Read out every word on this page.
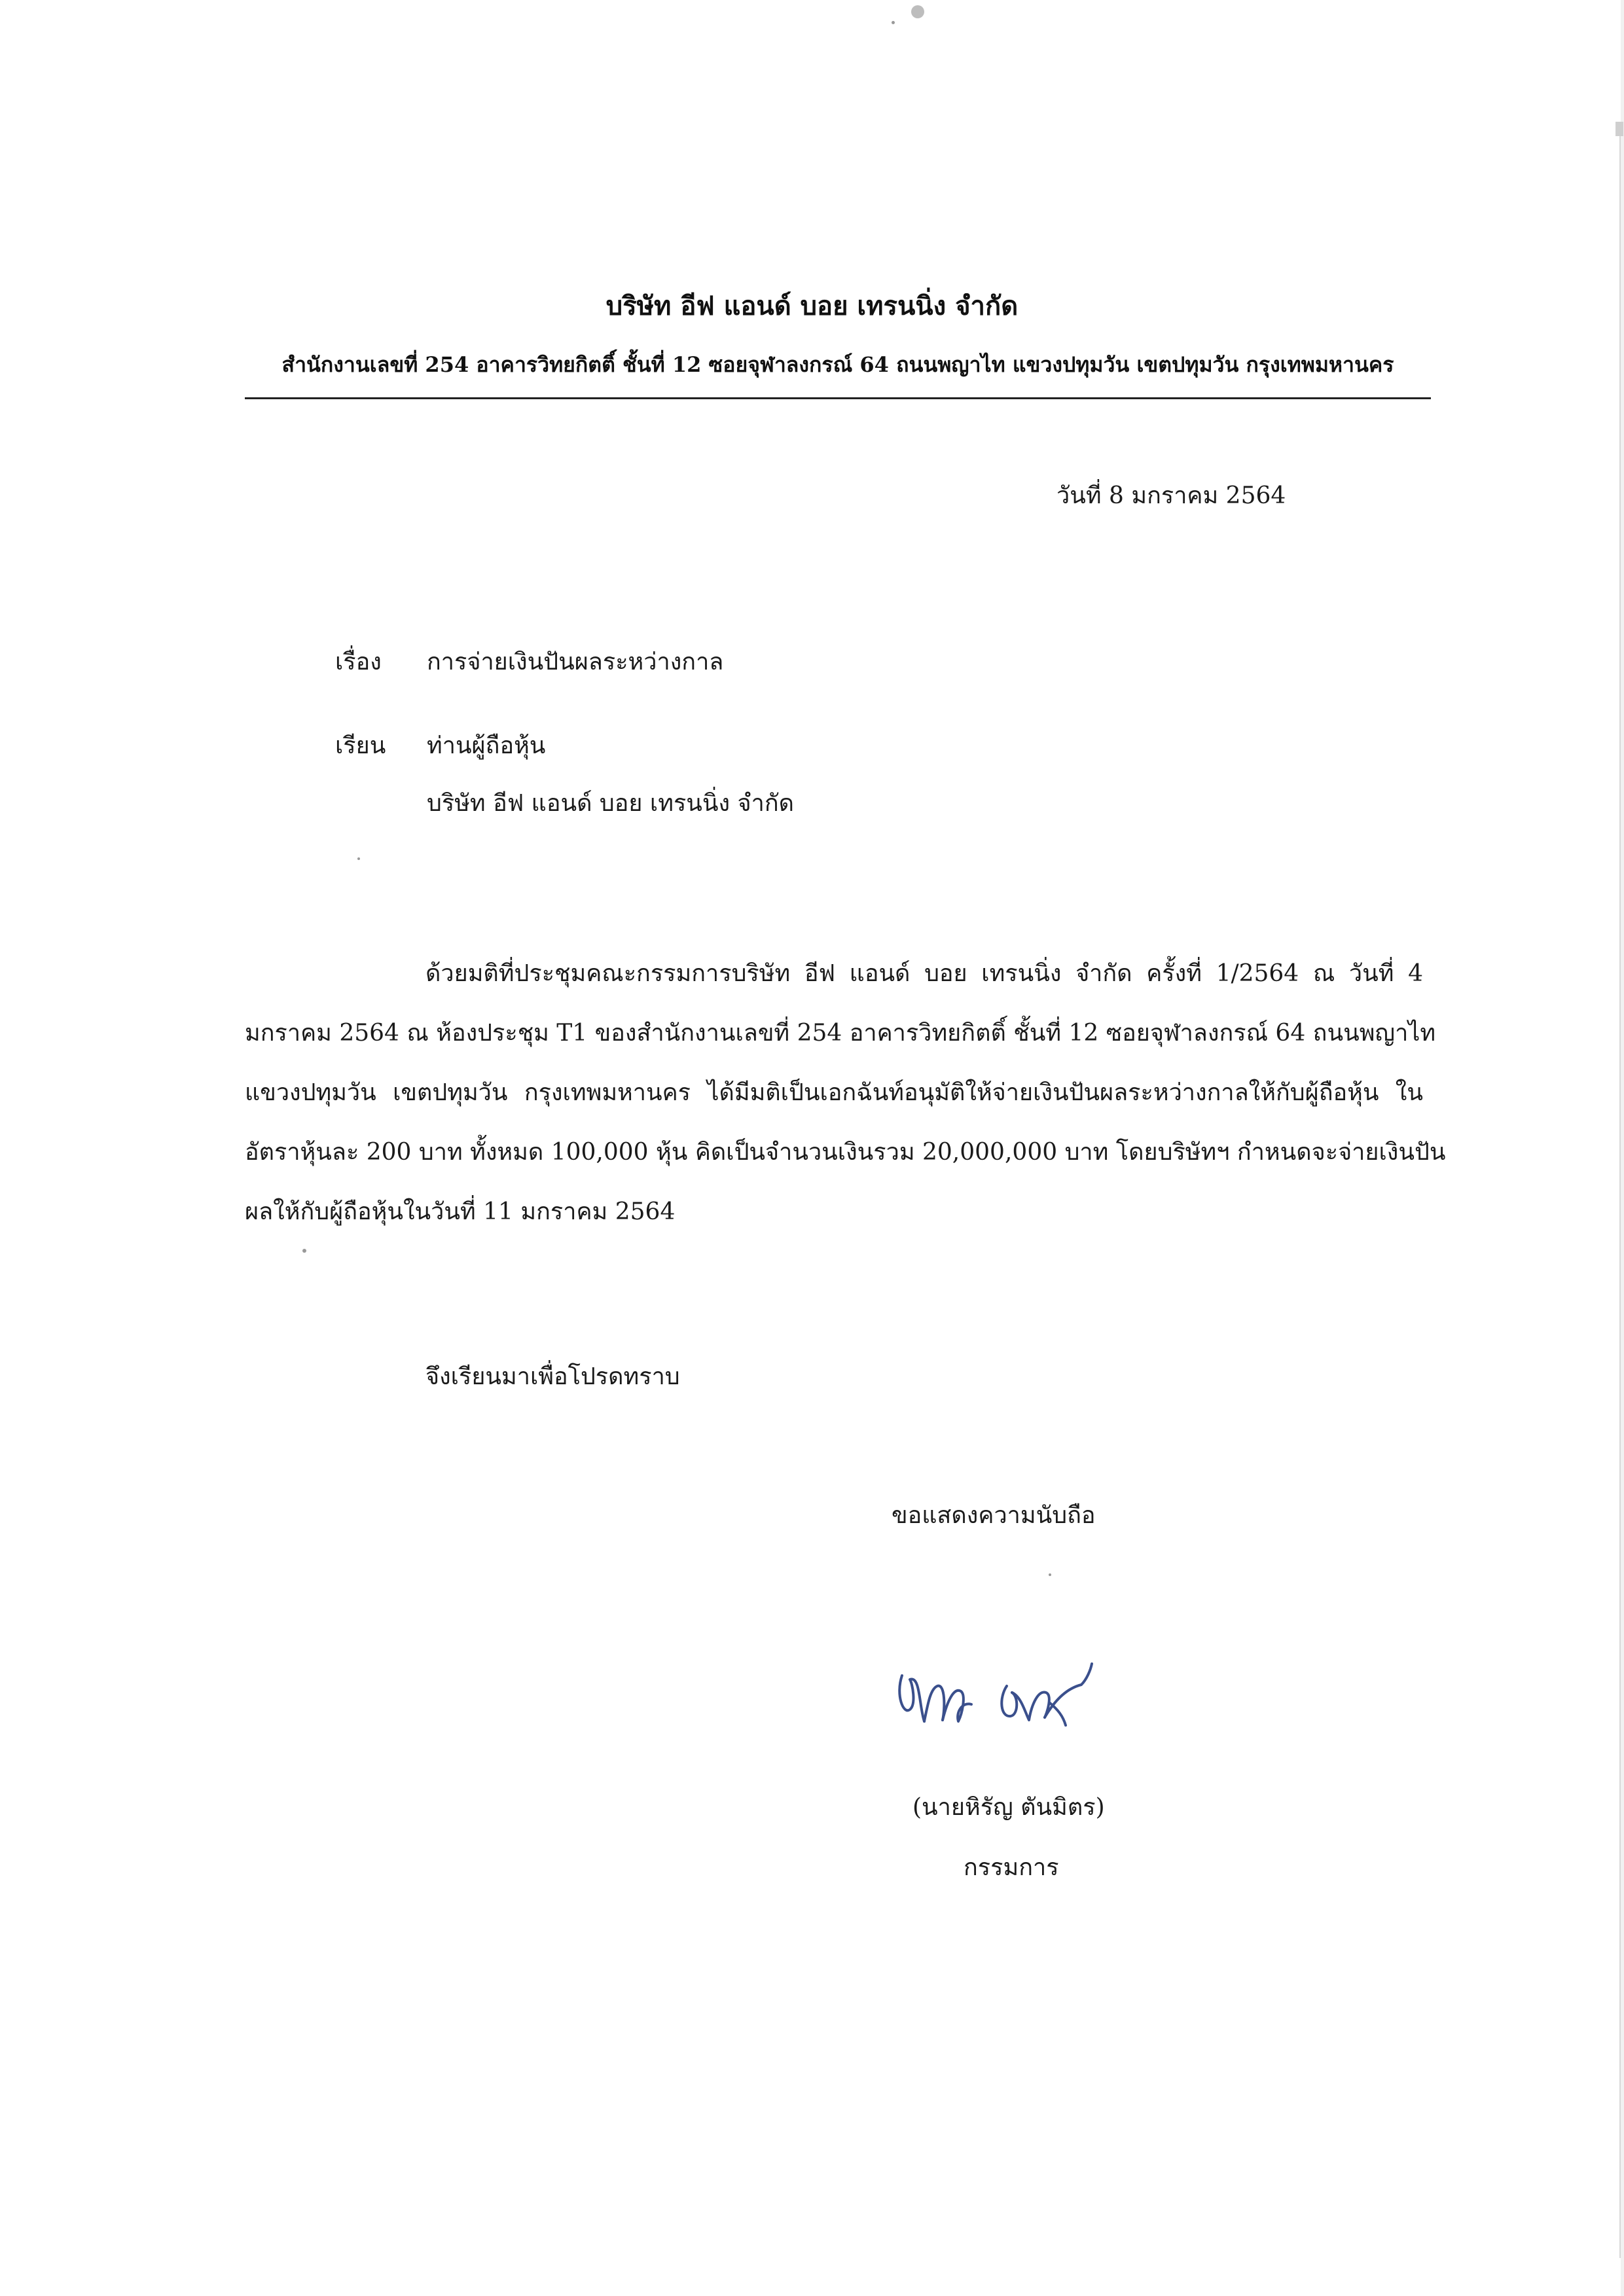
บริษัท อีฟ แอนด์ บอย เทรนนิ่ง จำกัด
สำนักงานเลขที่ 254 อาคารวิทยกิตติ์ ชั้นที่ 12 ซอยจุฬาลงกรณ์ 64 ถนนพญาไท แขวงปทุมวัน เขตปทุมวัน กรุงเทพมหานคร
วันที่ 8 มกราคม 2564
เรื่อง การจ่ายเงินปันผลระหว่างกาล
เรียน ท่านผู้ถือหุ้น
บริษัท อีฟ แอนด์ บอย เทรนนิ่ง จำกัด
ด้วยมติที่ประชุมคณะกรรมการบริษัท อีฟ แอนด์ บอย เทรนนิ่ง จำกัด ครั้งที่ 1/2564 ณ วันที่ 4
มกราคม 2564 ณ ห้องประชุม T1 ของสำนักงานเลขที่ 254 อาคารวิทยกิตติ์ ชั้นที่ 12 ซอยจุฬาลงกรณ์ 64 ถนนพญาไท
แขวงปทุมวัน เขตปทุมวัน กรุงเทพมหานคร ได้มีมติเป็นเอกฉันท์อนุมัติให้จ่ายเงินปันผลระหว่างกาลให้กับผู้ถือหุ้น ใน
อัตราหุ้นละ 200 บาท ทั้งหมด 100,000 หุ้น คิดเป็นจำนวนเงินรวม 20,000,000 บาท โดยบริษัทฯ กำหนดจะจ่ายเงินปัน
ผลให้กับผู้ถือหุ้นในวันที่ 11 มกราคม 2564
จึงเรียนมาเพื่อโปรดทราบ
ขอแสดงความนับถือ
(นายหิรัญ ตันมิตร)
กรรมการ
